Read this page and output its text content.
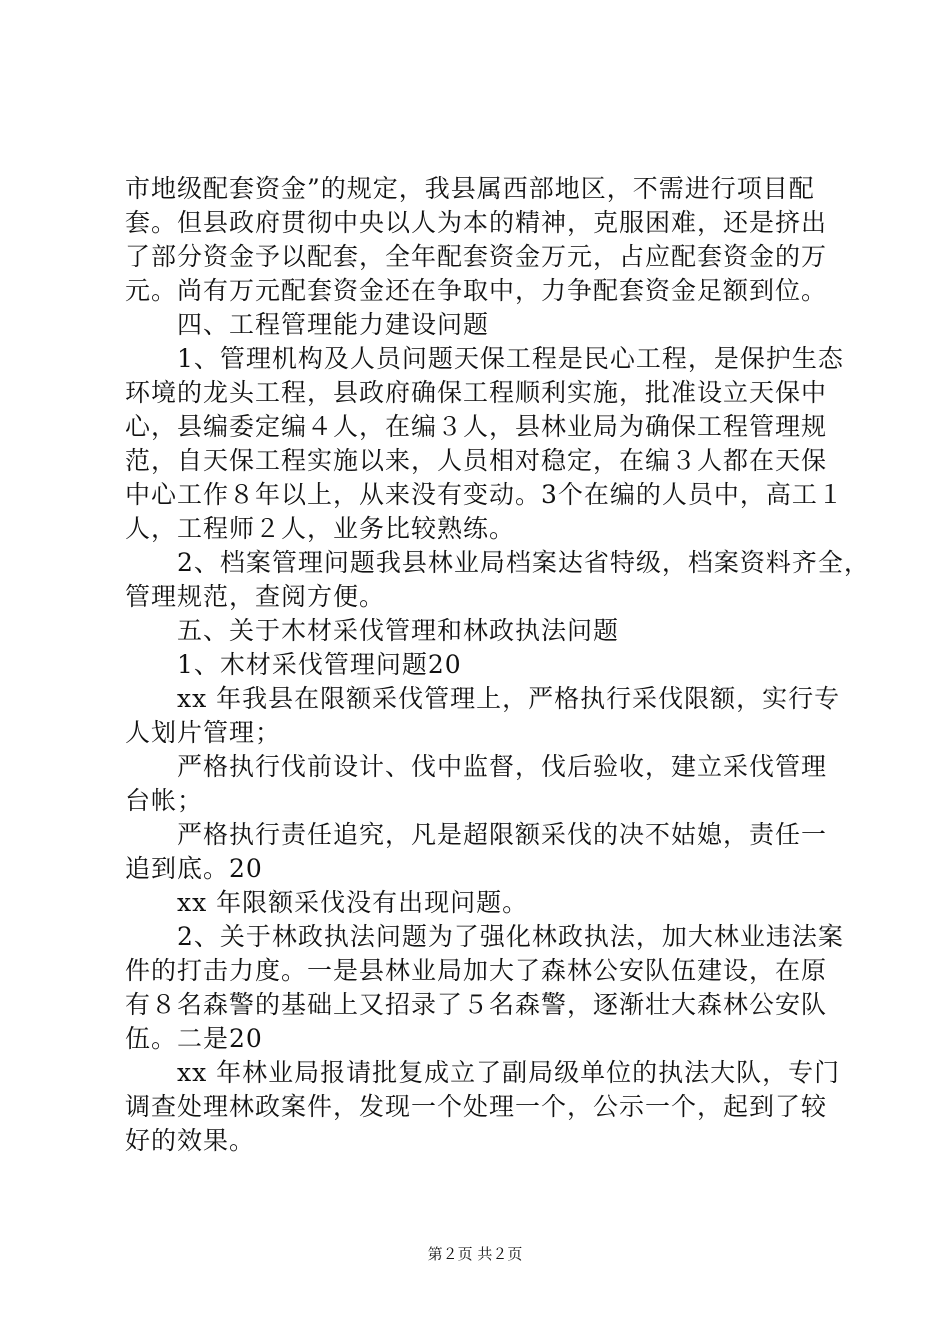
市地级配套资金”的规定，我县属西部地区，不需进行项目配
套。但县政府贯彻中央以人为本的精神，克服困难，还是挤出
了部分资金予以配套，全年配套资金万元，占应配套资金的万
元。尚有万元配套资金还在争取中，力争配套资金足额到位。
四、工程管理能力建设问题
1、管理机构及人员问题天保工程是民心工程，是保护生态
环境的龙头工程，县政府确保工程顺利实施，批准设立天保中
心，县编委定编４人，在编３人，县林业局为确保工程管理规
范，自天保工程实施以来，人员相对稳定，在编３人都在天保
中心工作８年以上，从来没有变动。3个在编的人员中，高工１
人，工程师２人，业务比较熟练。
2、档案管理问题我县林业局档案达省特级，档案资料齐全，
管理规范，查阅方便。
五、关于木材采伐管理和林政执法问题
1、木材采伐管理问题20
xx 年我县在限额采伐管理上，严格执行采伐限额，实行专
人划片管理；
严格执行伐前设计、伐中监督，伐后验收，建立采伐管理
台帐；
严格执行责任追究，凡是超限额采伐的决不姑媳，责任一
追到底。20
xx 年限额采伐没有出现问题。
2、关于林政执法问题为了强化林政执法，加大林业违法案
件的打击力度。一是县林业局加大了森林公安队伍建设，在原
有８名森警的基础上又招录了５名森警，逐渐壮大森林公安队
伍。二是20
xx 年林业局报请批复成立了副局级单位的执法大队，专门
调查处理林政案件，发现一个处理一个，公示一个，起到了较
好的效果。
第２页 共２页
